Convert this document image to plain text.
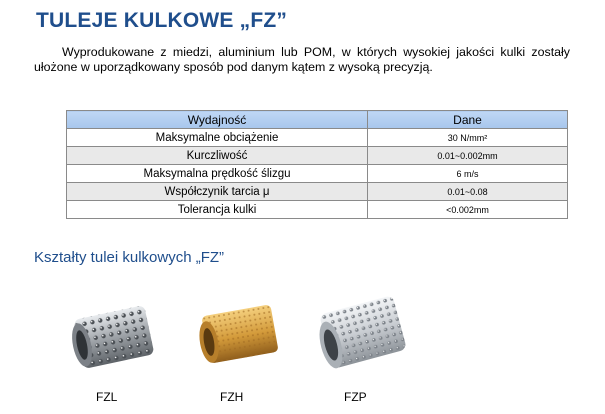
TULEJE KULKOWE „FZ”
Wyprodukowane z miedzi, aluminium lub POM, w których wysokiej jakości kulki zostały ułożone w uporządkowany sposób pod danym kątem z wysoką precyzją.
Wydajność	Dane
Maksymalne obciążenie	30 N/mm²
Kurczliwość	0.01~0.002mm
Maksymalna prędkość ślizgu	6 m/s
Współczynik tarcia μ	0.01~0.08
Tolerancja kulki	<0.002mm
Kształty tulei kulkowych „FZ”
FZL	FZH	FZP
